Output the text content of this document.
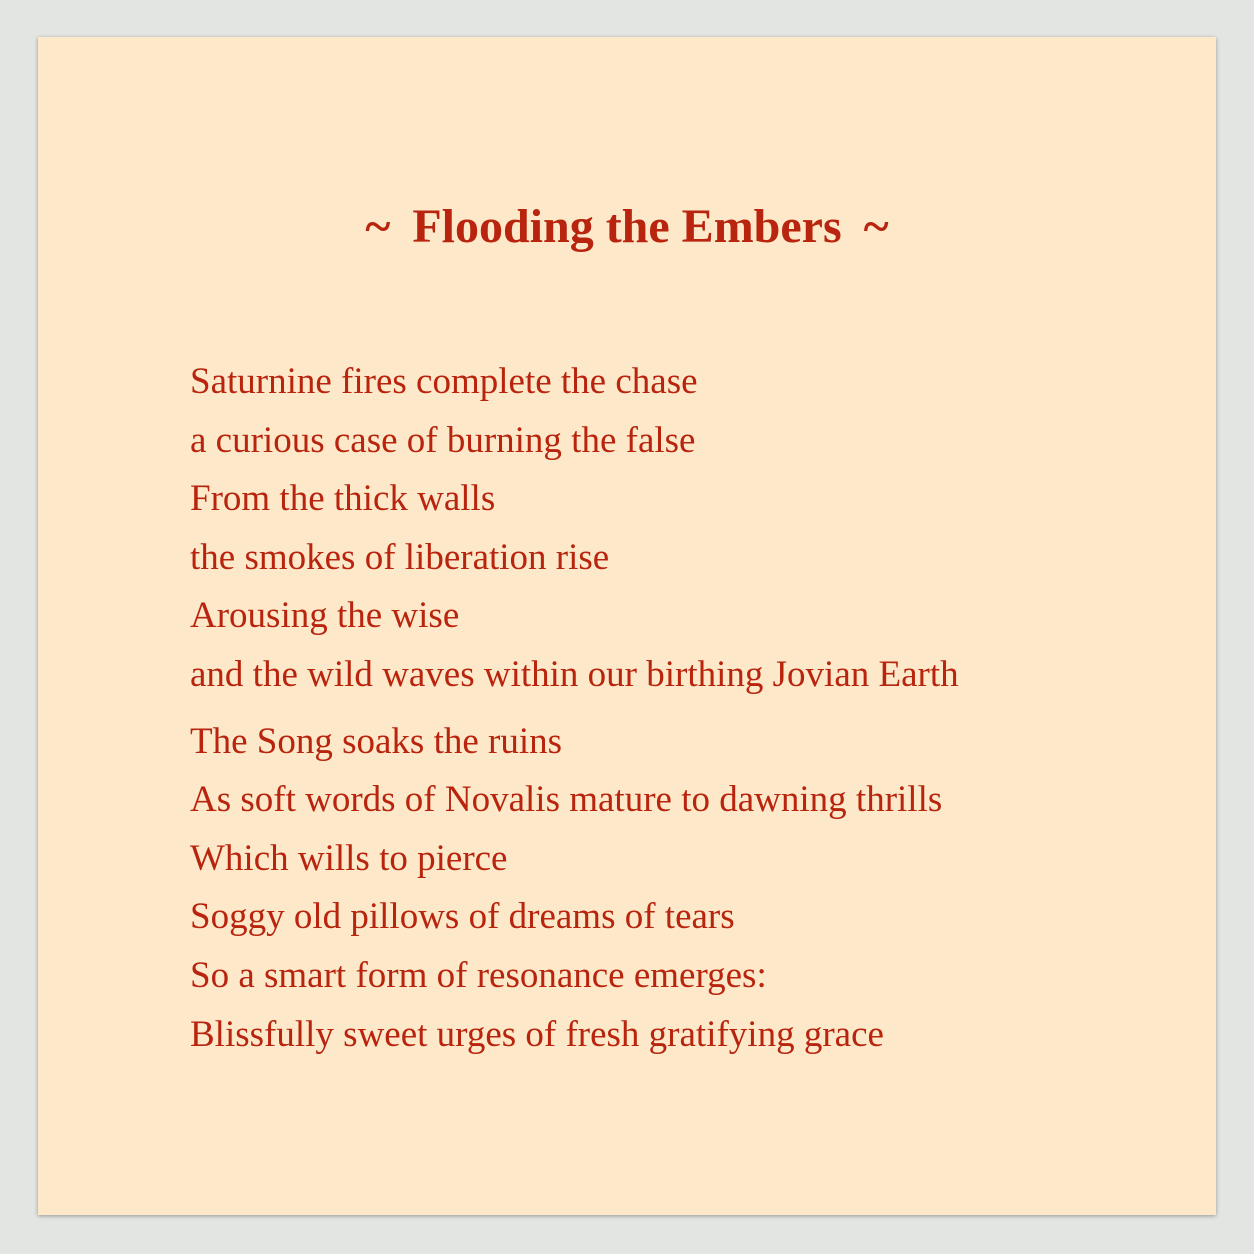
~ Flooding the Embers ~

Saturnine fires complete the chase
a curious case of burning the false
From the thick walls
the smokes of liberation rise
Arousing the wise
and the wild waves within our birthing Jovian Earth

The Song soaks the ruins
As soft words of Novalis mature to dawning thrills
Which wills to pierce
Soggy old pillows of dreams of tears
So a smart form of resonance emerges:
Blissfully sweet urges of fresh gratifying grace
